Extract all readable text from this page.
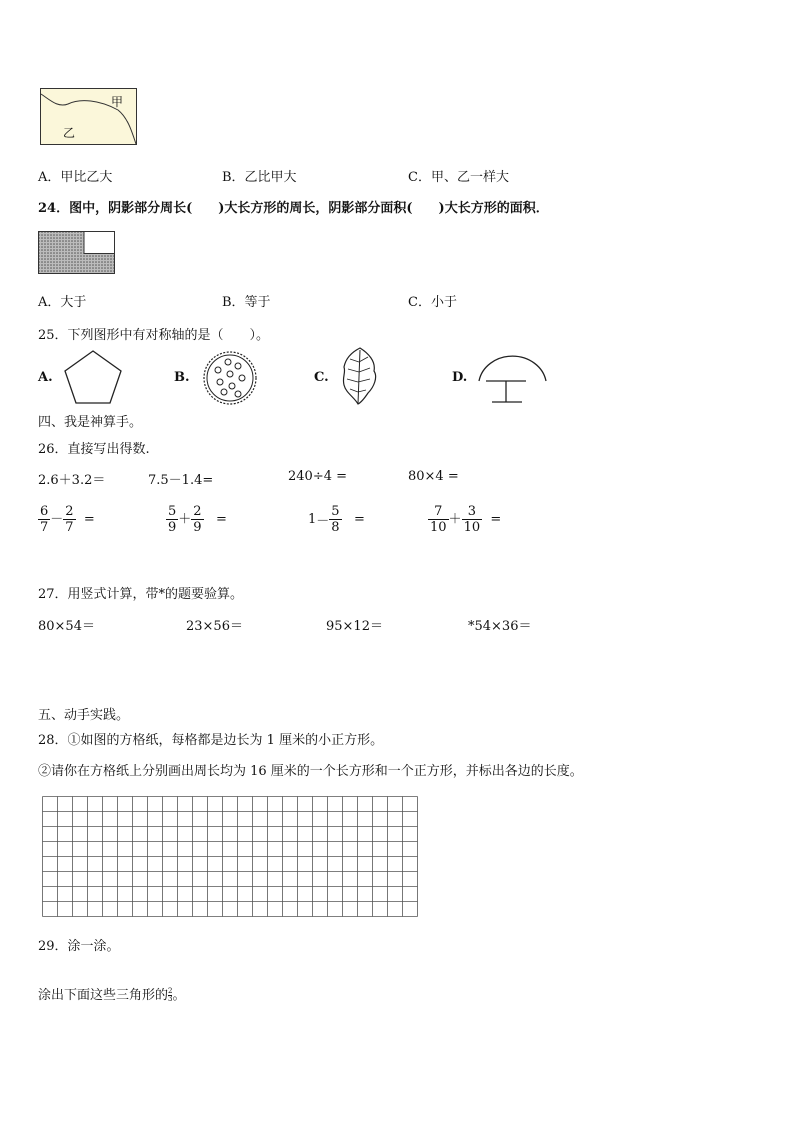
甲
乙
A．甲比乙大	B．乙比甲大	C．甲、乙一样大
24．图中，阴影部分周长(　　)大长方形的周长，阴影部分面积(　　)大长方形的面积．
A．大于	B．等于	C．小于
25．下列图形中有对称轴的是（　　）。
A.	B.	C.	D.
四、我是神算手。
26．直接写出得数.
2.6＋3.2＝	7.5－1.4=	240÷4 =	80×4 =
$\frac{6}{7} - \frac{2}{7}$ =	$\frac{5}{9} + \frac{2}{9}$ =	$1- \frac{5}{8}$ =	$\frac{7}{10} + \frac{3}{10}$ =
27．用竖式计算，带*的题要验算。
80×54＝	23×56＝	95×12＝	*54×36＝
五、动手实践。
28．①如图的方格纸，每格都是边长为 1 厘米的小正方形。
②请你在方格纸上分别画出周长均为 16 厘米的一个长方形和一个正方形，并标出各边的长度。
29．涂一涂。
涂出下面这些三角形的 $\frac{2}{3}$ 。
